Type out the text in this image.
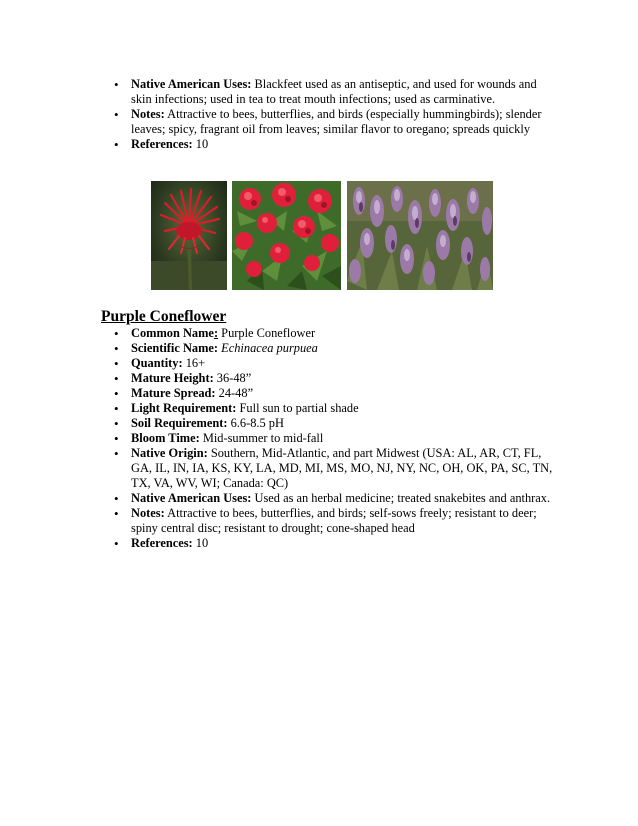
• Native American Uses: Blackfeet used as an antiseptic, and used for wounds and skin infections; used in tea to treat mouth infections; used as carminative.
• Notes: Attractive to bees, butterflies, and birds (especially hummingbirds); slender leaves; spicy, fragrant oil from leaves; similar flavor to oregano; spreads quickly
• References: 10
Purple Coneflower
• Common Name: Purple Coneflower
• Scientific Name: Echinacea purpuea
• Quantity: 16+
• Mature Height: 36-48”
• Mature Spread: 24-48”
• Light Requirement: Full sun to partial shade
• Soil Requirement: 6.6-8.5 pH
• Bloom Time: Mid-summer to mid-fall
• Native Origin: Southern, Mid-Atlantic, and part Midwest (USA: AL, AR, CT, FL, GA, IL, IN, IA, KS, KY, LA, MD, MI, MS, MO, NJ, NY, NC, OH, OK, PA, SC, TN, TX, VA, WV, WI; Canada: QC)
• Native American Uses: Used as an herbal medicine; treated snakebites and anthrax.
• Notes: Attractive to bees, butterflies, and birds; self-sows freely; resistant to deer; spiny central disc; resistant to drought; cone-shaped head
• References: 10
